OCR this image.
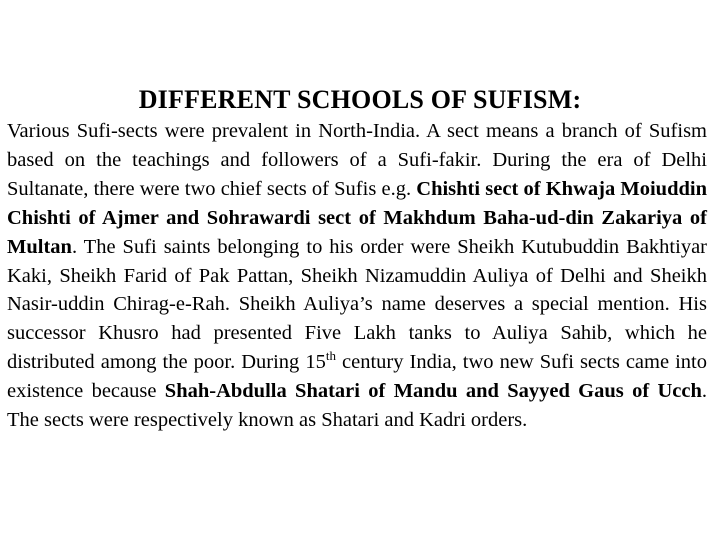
DIFFERENT SCHOOLS OF SUFISM:
Various Sufi-sects were prevalent in North-India. A sect means a branch of Sufism based on the teachings and followers of a Sufi-fakir. During the era of Delhi Sultanate, there were two chief sects of Sufis e.g. Chishti sect of Khwaja Moiuddin Chishti of Ajmer and Sohrawardi sect of Makhdum Baha-ud-din Zakariya of Multan. The Sufi saints belonging to his order were Sheikh Kutubuddin Bakhtiyar Kaki, Sheikh Farid of Pak Pattan, Sheikh Nizamuddin Auliya of Delhi and Sheikh Nasir-uddin Chirag-e-Rah. Sheikh Auliya’s name deserves a special mention. His successor Khusro had presented Five Lakh tanks to Auliya Sahib, which he distributed among the poor. During 15th century India, two new Sufi sects came into existence because Shah-Abdulla Shatari of Mandu and Sayyed Gaus of Ucch. The sects were respectively known as Shatari and Kadri orders.
